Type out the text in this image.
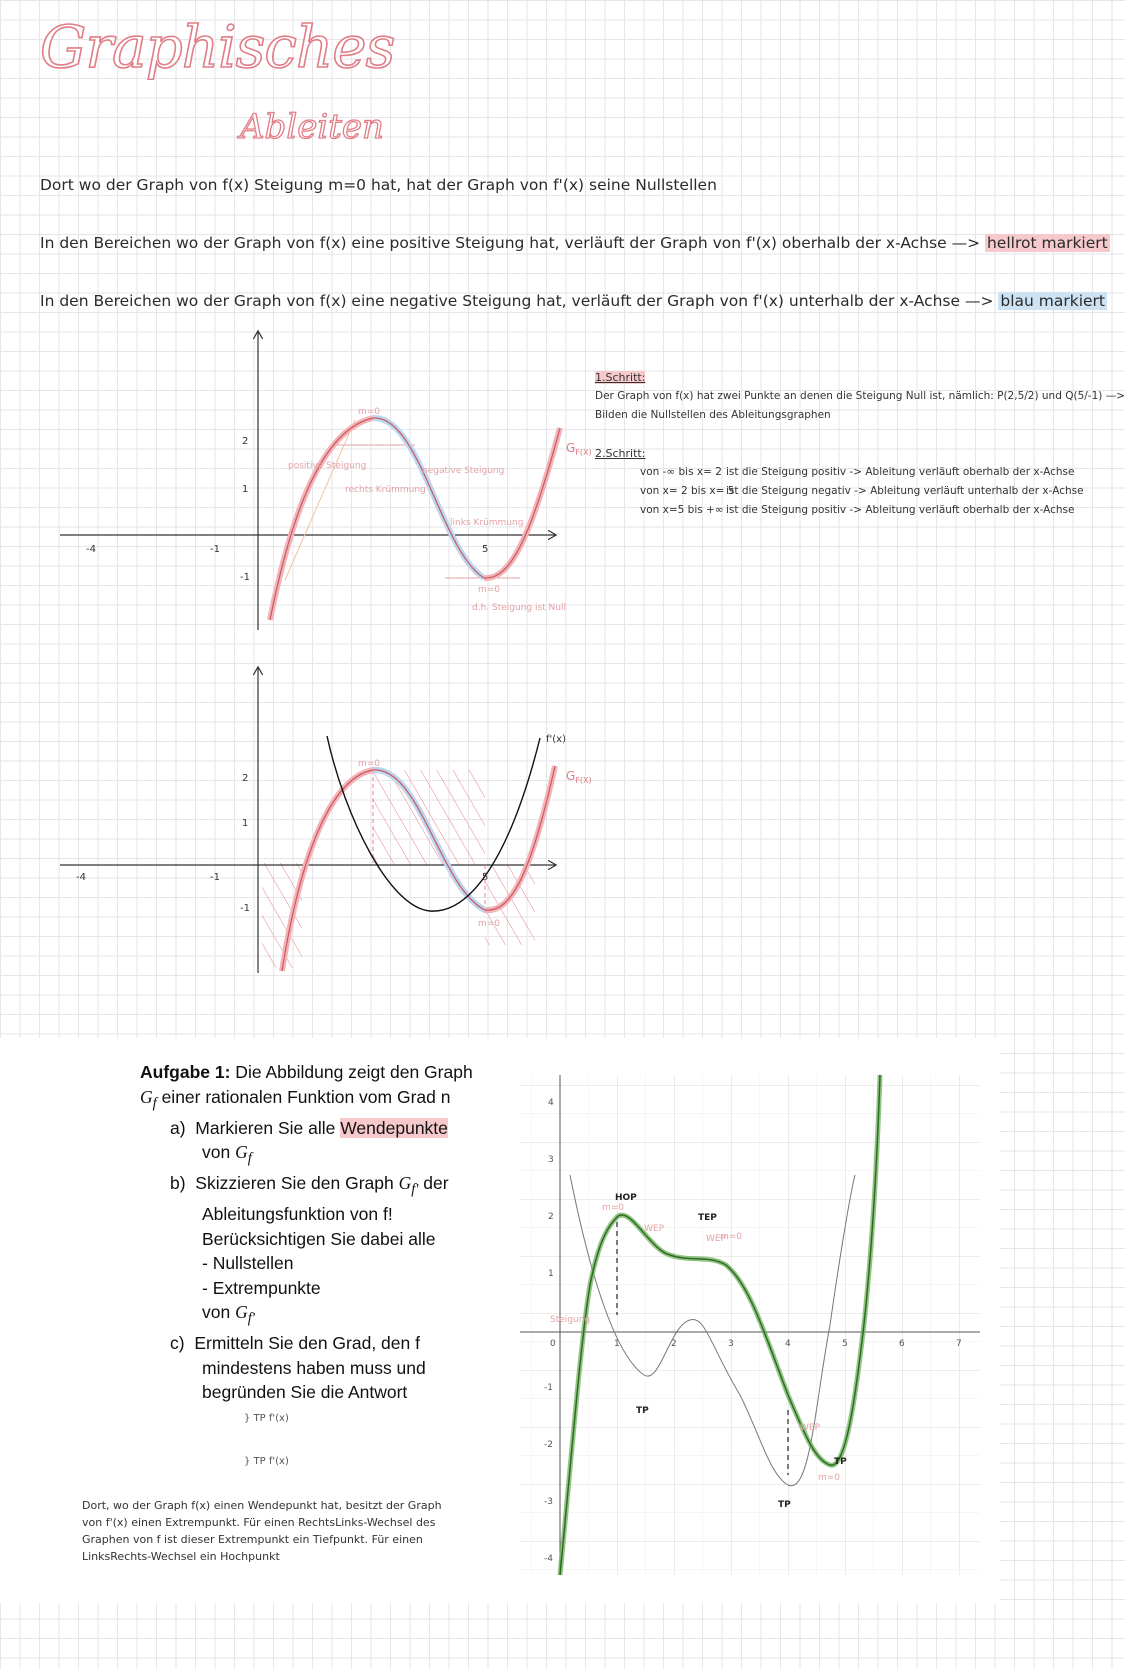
Graphisches
Ableiten
Dort wo der Graph von f(x) Steigung m=0 hat, hat der Graph von f'(x) seine Nullstellen
In den Bereichen wo der Graph von f(x) eine positive Steigung hat, verläuft der Graph von f'(x) oberhalb der x-Achse —> hellrot markiert
In den Bereichen wo der Graph von f(x) eine negative Steigung hat, verläuft der Graph von f'(x) unterhalb der x-Achse —> blau markiert
1.Schritt:
Der Graph von f(x) hat zwei Punkte an denen die Steigung Null ist, nämlich: P(2,5/2) und Q(5/-1) —>
Bilden die Nullstellen des Ableitungsgraphen
2.Schritt:
von -∞ bis x= 2 ist die Steigung positiv -> Ableitung verläuft oberhalb der x-Achse
von x= 2 bis x= 5ist die Steigung negativ -> Ableitung verläuft unterhalb der x-Achse
von x=5 bis +∞ ist die Steigung positiv -> Ableitung verläuft oberhalb der x-Achse
2
1
-1
-4	-1	5
m=0
positive Steigung	negative Steigung
rechts Krümmung
links Krümmung
m=0
d.h. Steigung ist Null
$G_{F(X)}$
2
1
-1
-4	-1	5
m=0
m=0
f'(x)
$G_{F(X)}$
Aufgabe 1: Die Abbildung zeigt den Graph
$G_f$ einer rationalen Funktion vom Grad n
a) Markieren Sie alle Wendepunkte
von $G_f$
b) Skizzieren Sie den Graph $G_{f'}$ der
Ableitungsfunktion von f!
Berücksichtigen Sie dabei alle
- Nullstellen
- Extrempunkte
von $G_{f'}$
c) Ermitteln Sie den Grad, den f
mindestens haben muss und
begründen Sie die Antwort
} TP f'(x)
} TP f'(x)
Dort, wo der Graph f(x) einen Wendepunkt hat, besitzt der Graph von f'(x) einen Extrempunkt. Für einen RechtsLinks-Wechsel des Graphen von f ist dieser Extrempunkt ein Tiefpunkt. Für einen LinksRechts-Wechsel ein Hochpunkt
0	1	2	3	4	5	6	7
4
3
2
1
-1
-2
-3
-4
HOP
m=0
TEP
m=0
WEP
WEP
WEP
TP
TP
TP
m=0
Steigung
